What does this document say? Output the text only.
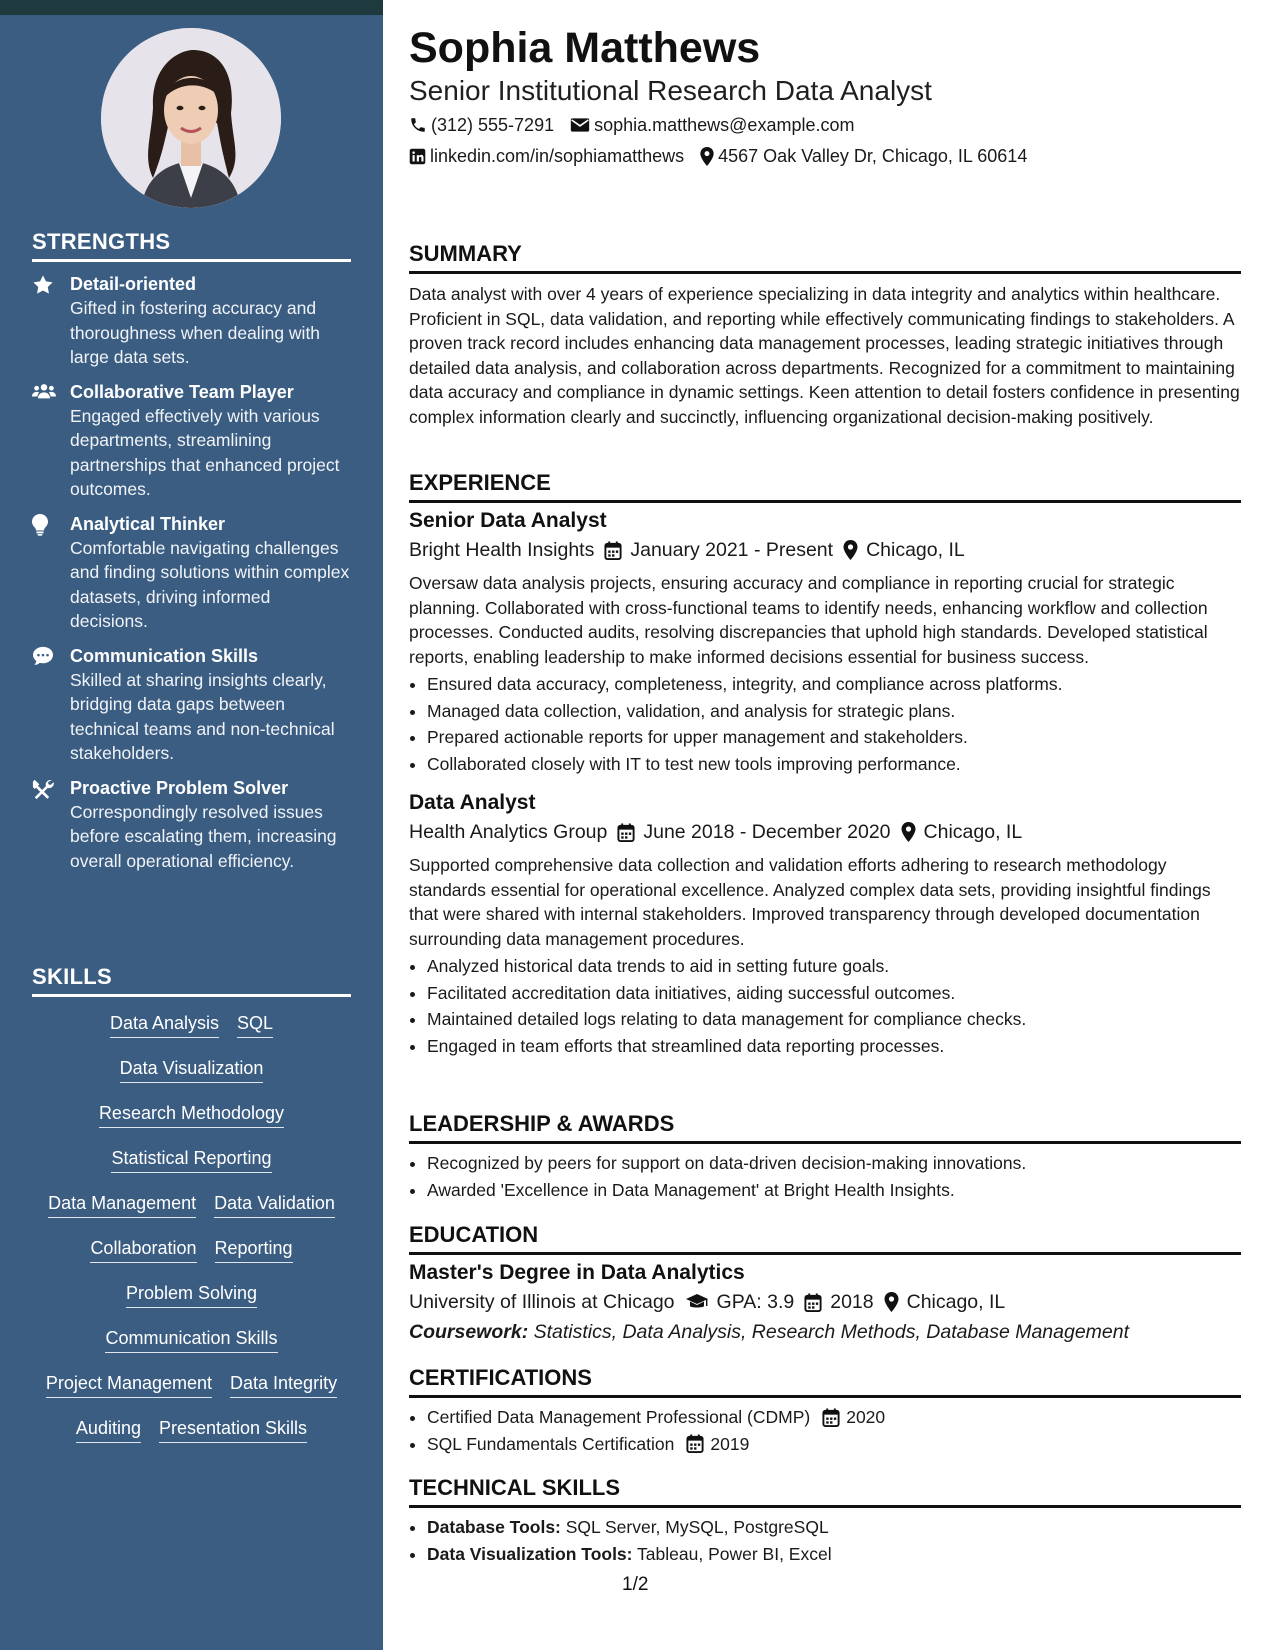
STRENGTHS
Detail-oriented
Gifted in fostering accuracy and thoroughness when dealing with large data sets.
Collaborative Team Player
Engaged effectively with various departments, streamlining partnerships that enhanced project outcomes.
Analytical Thinker
Comfortable navigating challenges and finding solutions within complex datasets, driving informed decisions.
Communication Skills
Skilled at sharing insights clearly, bridging data gaps between technical teams and non-technical stakeholders.
Proactive Problem Solver
Correspondingly resolved issues before escalating them, increasing overall operational efficiency.
SKILLS
Data Analysis SQL
Data Visualization
Research Methodology
Statistical Reporting
Data Management Data Validation
Collaboration Reporting
Problem Solving
Communication Skills
Project Management Data Integrity
Auditing Presentation Skills
Sophia Matthews
Senior Institutional Research Data Analyst
(312) 555-7291 sophia.matthews@example.com
linkedin.com/in/sophiamatthews 4567 Oak Valley Dr, Chicago, IL 60614
SUMMARY

Data analyst with over 4 years of experience specializing in data integrity and analytics within healthcare. Proficient in SQL, data validation, and reporting while effectively communicating findings to stakeholders. A proven track record includes enhancing data management processes, leading strategic initiatives through detailed data analysis, and collaboration across departments. Recognized for a commitment to maintaining data accuracy and compliance in dynamic settings. Keen attention to detail fosters confidence in presenting complex information clearly and succinctly, influencing organizational decision-making positively.

EXPERIENCE
Senior Data Analyst
Bright Health Insights January 2021 - Present Chicago, IL

Oversaw data analysis projects, ensuring accuracy and compliance in reporting crucial for strategic planning. Collaborated with cross-functional teams to identify needs, enhancing workflow and collection processes. Conducted audits, resolving discrepancies that uphold high standards. Developed statistical reports, enabling leadership to make informed decisions essential for business success.

• Ensured data accuracy, completeness, integrity, and compliance across platforms.
• Managed data collection, validation, and analysis for strategic plans.
• Prepared actionable reports for upper management and stakeholders.
• Collaborated closely with IT to test new tools improving performance.
Data Analyst
Health Analytics Group June 2018 - December 2020 Chicago, IL

Supported comprehensive data collection and validation efforts adhering to research methodology standards essential for operational excellence. Analyzed complex data sets, providing insightful findings that were shared with internal stakeholders. Improved transparency through developed documentation surrounding data management procedures.

• Analyzed historical data trends to aid in setting future goals.
• Facilitated accreditation data initiatives, aiding successful outcomes.
• Maintained detailed logs relating to data management for compliance checks.
• Engaged in team efforts that streamlined data reporting processes.
LEADERSHIP & AWARDS
• Recognized by peers for support on data-driven decision-making innovations.
• Awarded 'Excellence in Data Management' at Bright Health Insights.
EDUCATION
Master's Degree in Data Analytics
University of Illinois at Chicago GPA: 3.9 2018 Chicago, IL
Coursework: Statistics, Data Analysis, Research Methods, Database Management
CERTIFICATIONS
• Certified Data Management Professional (CDMP) 2020
• SQL Fundamentals Certification 2019
TECHNICAL SKILLS
• Database Tools: SQL Server, MySQL, PostgreSQL
• Data Visualization Tools: Tableau, Power BI, Excel
1/2
